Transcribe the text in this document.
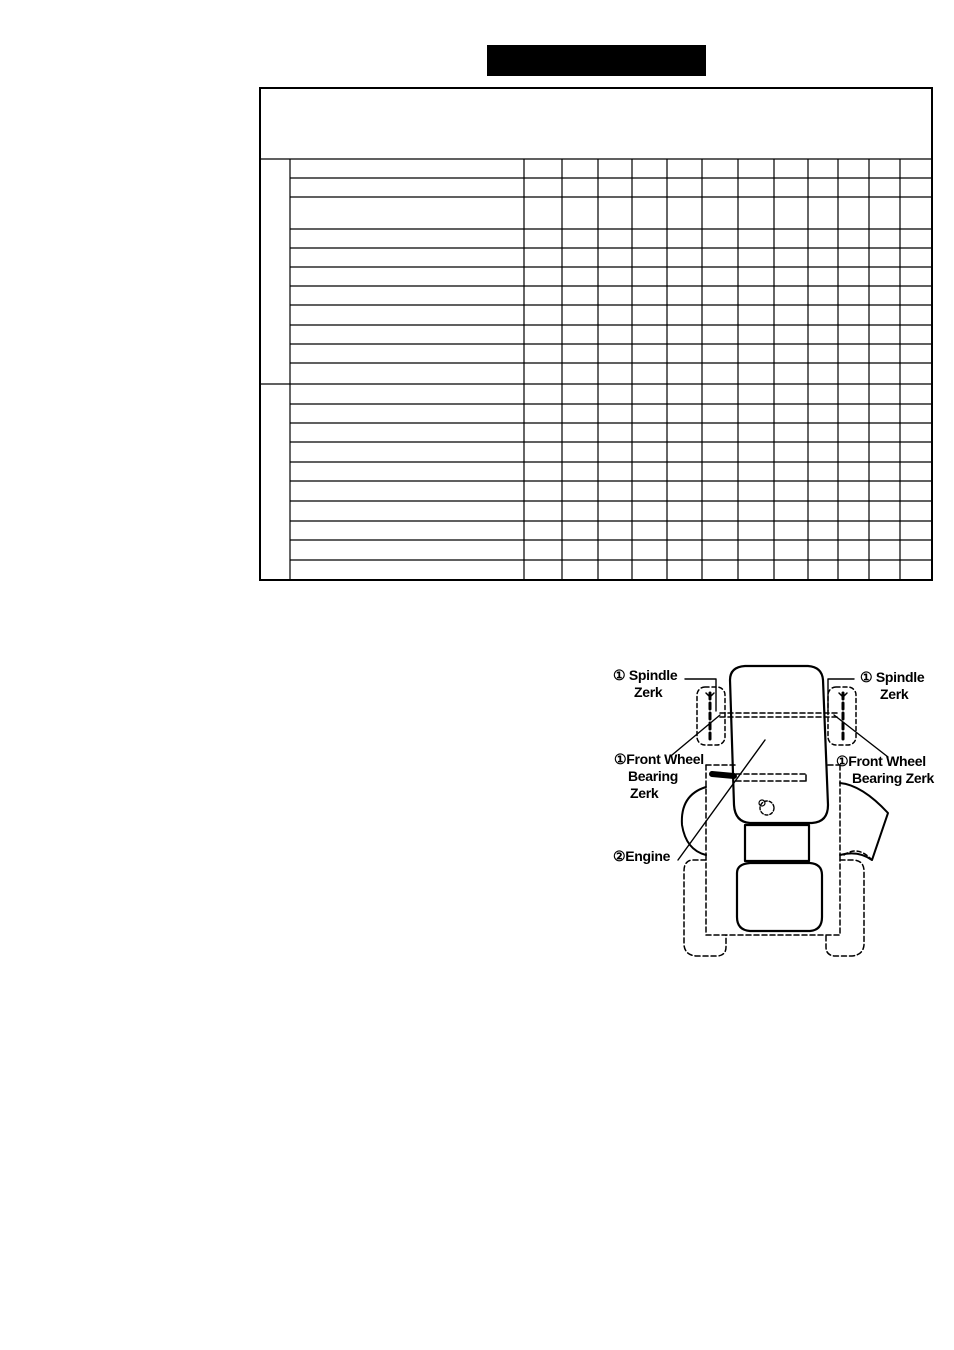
① Spindle
Zerk
① Spindle
Zerk
①Front Wheel
Bearing
Zerk
①Front Wheel
Bearing Zerk
②Engine
